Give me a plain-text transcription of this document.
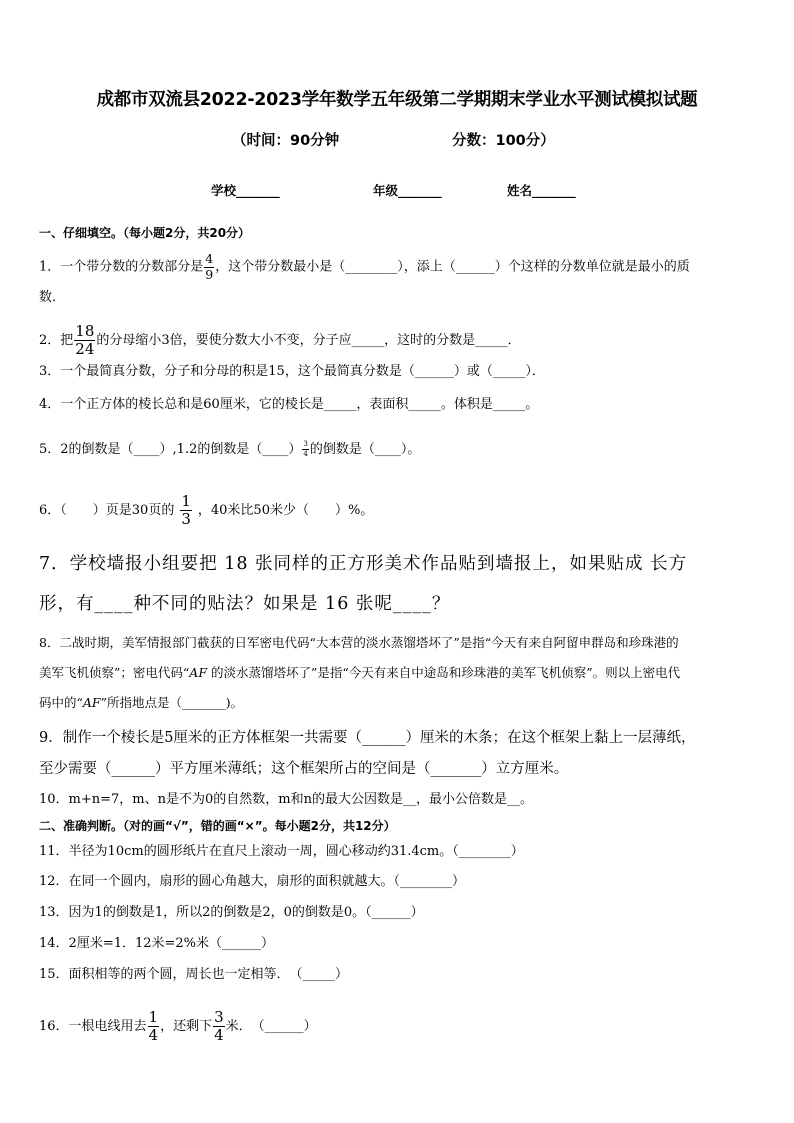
成都市双流县2022-2023学年数学五年级第二学期期末学业水平测试模拟试题
（时间：90分钟	分数：100分）
学校_______	年级_______	姓名_______
一、仔细填空。（每小题2分，共20分）
1．一个带分数的分数部分是 $\frac{4}{9}$ ，这个带分数最小是（________），添上（______）个这样的分数单位就是最小的质
数．
2．把 $\frac{18}{24}$ 的分母缩小3倍，要使分数大小不变，分子应_____，这时的分数是_____．
3．一个最简真分数，分子和分母的积是15，这个最简真分数是（______）或（_____）．
4．一个正方体的棱长总和是60厘米，它的棱长是_____，表面积_____。体积是_____。
5．2的倒数是（____）,1.2的倒数是（____） $\frac{3}{4}$ 的倒数是（____）。
6．（　　）页是30页的 $\frac{1}{3}$ ，40米比50米少（　　）%。
7．学校墙报小组要把 18 张同样的正方形美术作品贴到墙报上，如果贴成 长方
形，有____种不同的贴法？如果是 16 张呢____？
8．二战时期，美军情报部门截获的日军密电代码“大本营的淡水蒸馏塔坏了”是指“今天有来自阿留申群岛和珍珠港的
美军飞机侦察”；密电代码“AF 的淡水蒸馏塔坏了”是指“今天有来自中途岛和珍珠港的美军飞机侦察”。则以上密电代
码中的“AF”所指地点是（_______)。
9．制作一个棱长是5厘米的正方体框架一共需要（______）厘米的木条；在这个框架上黏上一层薄纸，
至少需要（______）平方厘米薄纸；这个框架所占的空间是（_______）立方厘米。
10．m+n=7，m、n是不为0的自然数，m和n的最大公因数是__，最小公倍数是__。
二、准确判断。（对的画“√”，错的画“×”。每小题2分，共12分）
11．半径为10cm的圆形纸片在直尺上滚动一周，圆心移动约31.4cm。（________）
12．在同一个圆内，扇形的圆心角越大，扇形的面积就越大。（________）
13．因为1的倒数是1，所以2的倒数是2，0的倒数是0。（______）
14．2厘米=1．12米=2%米（______）
15．面积相等的两个圆，周长也一定相等．　（_____）
16．一根电线用去 $\frac{1}{4}$ ，还剩下 $\frac{3}{4}$ 米．　（______）
